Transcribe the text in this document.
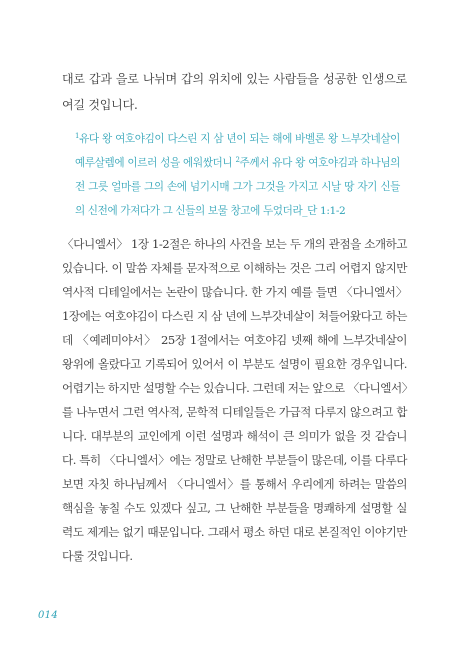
대로 갑과 을로 나뉘며 갑의 위치에 있는 사람들을 성공한 인생으로 여길 것입니다.

$^1$유다 왕 여호야김이 다스린 지 삼 년이 되는 해에 바벨론 왕 느부갓네살이 예루살렘에 이르러 성을 에워쌌더니 $^2$주께서 유다 왕 여호야김과 하나님의 전 그릇 얼마를 그의 손에 넘기시매 그가 그것을 가지고 시날 땅 자기 신들의 신전에 가져다가 그 신들의 보물 창고에 두었더라_단 1:1-2

〈다니엘서〉 1장 1-2절은 하나의 사건을 보는 두 개의 관점을 소개하고 있습니다. 이 말씀 자체를 문자적으로 이해하는 것은 그리 어렵지 않지만 역사적 디테일에서는 논란이 많습니다. 한 가지 예를 들면 〈다니엘서〉 1장에는 여호야김이 다스린 지 삼 년에 느부갓네살이 쳐들어왔다고 하는데 〈예레미야서〉 25장 1절에서는 여호야김 넷째 해에 느부갓네살이 왕위에 올랐다고 기록되어 있어서 이 부분도 설명이 필요한 경우입니다. 어렵기는 하지만 설명할 수는 있습니다. 그런데 저는 앞으로 〈다니엘서〉를 나누면서 그런 역사적, 문학적 디테일들은 가급적 다루지 않으려고 합니다. 대부분의 교인에게 이런 설명과 해석이 큰 의미가 없을 것 같습니다. 특히 〈다니엘서〉에는 정말로 난해한 부분들이 많은데, 이를 다루다 보면 자칫 하나님께서 〈다니엘서〉를 통해서 우리에게 하려는 말씀의 핵심을 놓칠 수도 있겠다 싶고, 그 난해한 부분들을 명쾌하게 설명할 실력도 제게는 없기 때문입니다. 그래서 평소 하던 대로 본질적인 이야기만 다룰 것입니다.

014
